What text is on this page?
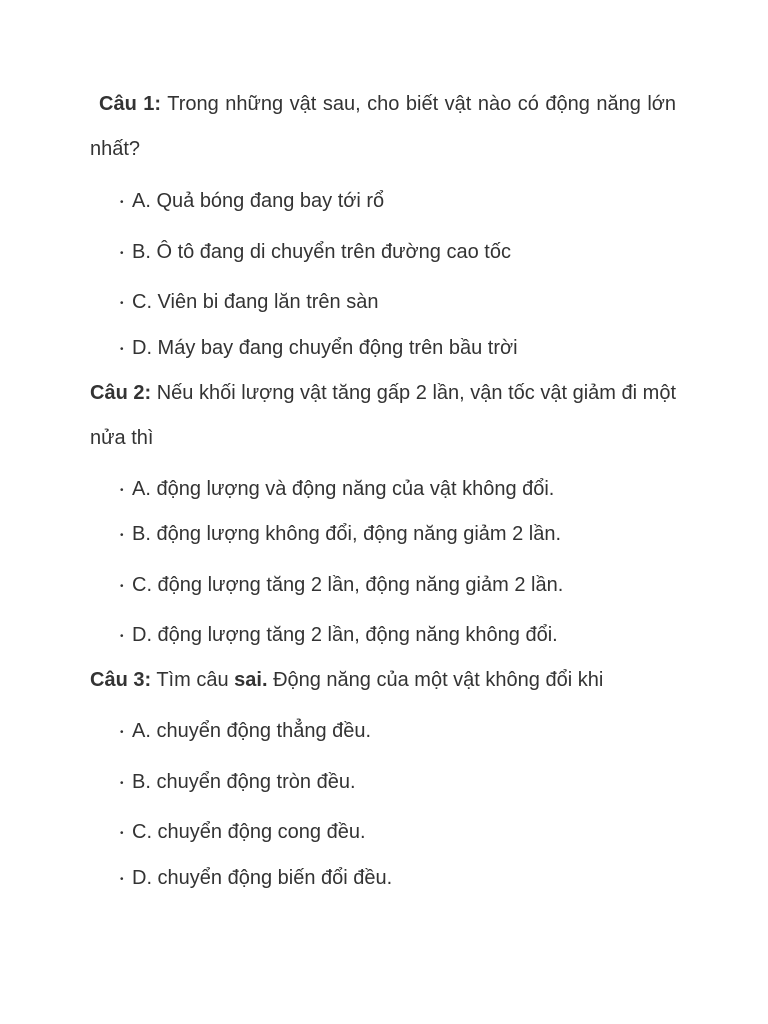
Câu 1: Trong những vật sau, cho biết vật nào có động năng lớn nhất?

• A. Quả bóng đang bay tới rổ
• B. Ô tô đang di chuyển trên đường cao tốc
• C. Viên bi đang lăn trên sàn
• D. Máy bay đang chuyển động trên bầu trời

Câu 2: Nếu khối lượng vật tăng gấp 2 lần, vận tốc vật giảm đi một nửa thì

• A. động lượng và động năng của vật không đổi.
• B. động lượng không đổi, động năng giảm 2 lần.
• C. động lượng tăng 2 lần, động năng giảm 2 lần.
• D. động lượng tăng 2 lần, động năng không đổi.

Câu 3: Tìm câu sai. Động năng của một vật không đổi khi

• A. chuyển động thẳng đều.
• B. chuyển động tròn đều.
• C. chuyển động cong đều.
• D. chuyển động biến đổi đều.
